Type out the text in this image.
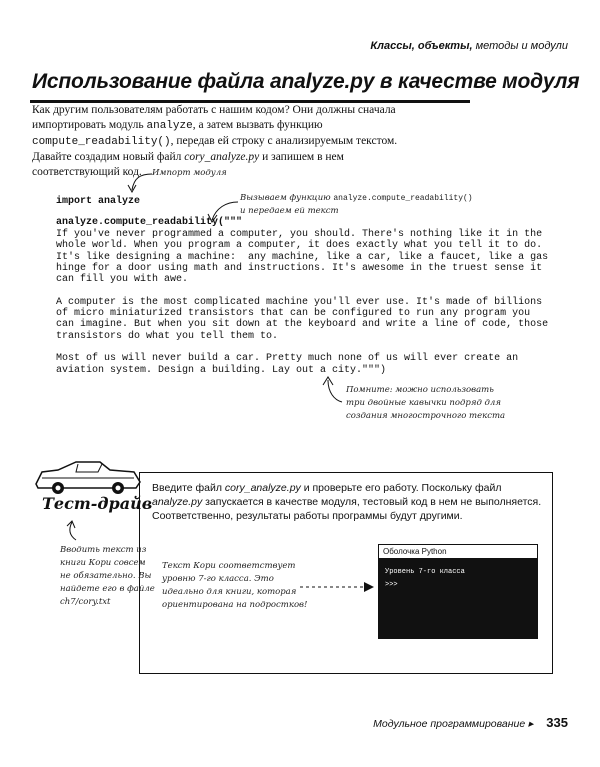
Классы, объекты, методы и модули
Использование файла analyze.py в качестве модуля
Как другим пользователям работать с нашим кодом? Они должны сначала импортировать модуль analyze, а затем вызвать функцию compute_readability(), передав ей строку с анализируемым текстом. Давайте создадим новый файл cory_analyze.py и запишем в нем соответствующий код.	Импорт модуля
Вызываем функцию analyze.compute_readability()
и передаем ей текст
import analyze
analyze.compute_readability("""
If you've never programmed a computer, you should. There's nothing like it in the
whole world. When you program a computer, it does exactly what you tell it to do.
It's like designing a machine:  any machine, like a car, like a faucet, like a gas
hinge for a door using math and instructions. It's awesome in the truest sense it
can fill you with awe.
A computer is the most complicated machine you'll ever use. It's made of billions
of micro miniaturized transistors that can be configured to run any program you
can imagine. But when you sit down at the keyboard and write a line of code, those
transistors do what you tell them to.
Most of us will never build a car. Pretty much none of us will ever create an
aviation system. Design a building. Lay out a city.""")
Помните: можно использовать
три двойные кавычки подряд для
создания многострочного текста
Тест-драйв
Введите файл cory_analyze.py и проверьте его работу. Поскольку файл analyze.py запускается в качестве модуля, тестовый код в нем не выполняется. Соответственно, результаты работы программы будут другими.
Вводить текст из
книги Кори совсем
не обязательно. Вы
найдете его в файле
ch7/cory.txt
Текст Кори соответствует
уровню 7-го класса. Это
идеально для книги, которая
ориентирована на подростков!
Оболочка Python
Уровень 7-го класса
>>>
Модульное программирование ▸ 335
